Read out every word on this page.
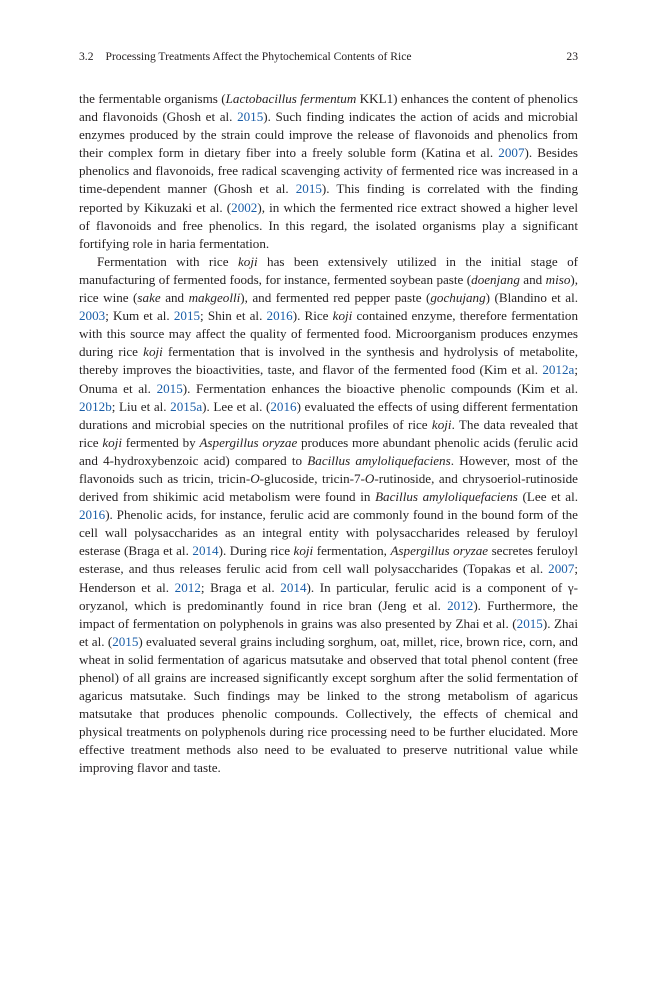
3.2 Processing Treatments Affect the Phytochemical Contents of Rice	23

the fermentable organisms (Lactobacillus fermentum KKL1) enhances the content of phenolics and flavonoids (Ghosh et al. 2015). Such finding indicates the action of acids and microbial enzymes produced by the strain could improve the release of flavonoids and phenolics from their complex form in dietary fiber into a freely soluble form (Katina et al. 2007). Besides phenolics and flavonoids, free radical scavenging activity of fermented rice was increased in a time-dependent manner (Ghosh et al. 2015). This finding is correlated with the finding reported by Kikuzaki et al. (2002), in which the fermented rice extract showed a higher level of flavonoids and free phenolics. In this regard, the isolated organisms play a significant fortifying role in haria fermentation.

Fermentation with rice koji has been extensively utilized in the initial stage of manufacturing of fermented foods, for instance, fermented soybean paste (doenjang and miso), rice wine (sake and makgeolli), and fermented red pepper paste (gochujang) (Blandino et al. 2003; Kum et al. 2015; Shin et al. 2016). Rice koji contained enzyme, therefore fermentation with this source may affect the quality of fermented food. Microorganism produces enzymes during rice koji fermentation that is involved in the synthesis and hydrolysis of metabolite, thereby improves the bioactivities, taste, and flavor of the fermented food (Kim et al. 2012a; Onuma et al. 2015). Fermentation enhances the bioactive phenolic compounds (Kim et al. 2012b; Liu et al. 2015a). Lee et al. (2016) evaluated the effects of using different fermentation durations and microbial species on the nutritional profiles of rice koji. The data revealed that rice koji fermented by Aspergillus oryzae produces more abundant phenolic acids (ferulic acid and 4-hydroxybenzoic acid) compared to Bacillus amyloliquefaciens. However, most of the flavonoids such as tricin, tricin-O-glucoside, tricin-7-O-rutinoside, and chrysoeriol-rutinoside derived from shikimic acid metabolism were found in Bacillus amyloliquefaciens (Lee et al. 2016). Phenolic acids, for instance, ferulic acid are commonly found in the bound form of the cell wall polysaccharides as an integral entity with polysaccharides released by feruloyl esterase (Braga et al. 2014). During rice koji fermentation, Aspergillus oryzae secretes feruloyl esterase, and thus releases ferulic acid from cell wall polysaccharides (Topakas et al. 2007; Henderson et al. 2012; Braga et al. 2014). In particular, ferulic acid is a component of γ-oryzanol, which is predominantly found in rice bran (Jeng et al. 2012). Furthermore, the impact of fermentation on polyphenols in grains was also presented by Zhai et al. (2015). Zhai et al. (2015) evaluated several grains including sorghum, oat, millet, rice, brown rice, corn, and wheat in solid fermentation of agaricus matsutake and observed that total phenol content (free phenol) of all grains are increased significantly except sorghum after the solid fermentation of agaricus matsutake. Such findings may be linked to the strong metabolism of agaricus matsutake that produces phenolic compounds. Collectively, the effects of chemical and physical treatments on polyphenols during rice processing need to be further elucidated. More effective treatment methods also need to be evaluated to preserve nutritional value while improving flavor and taste.
